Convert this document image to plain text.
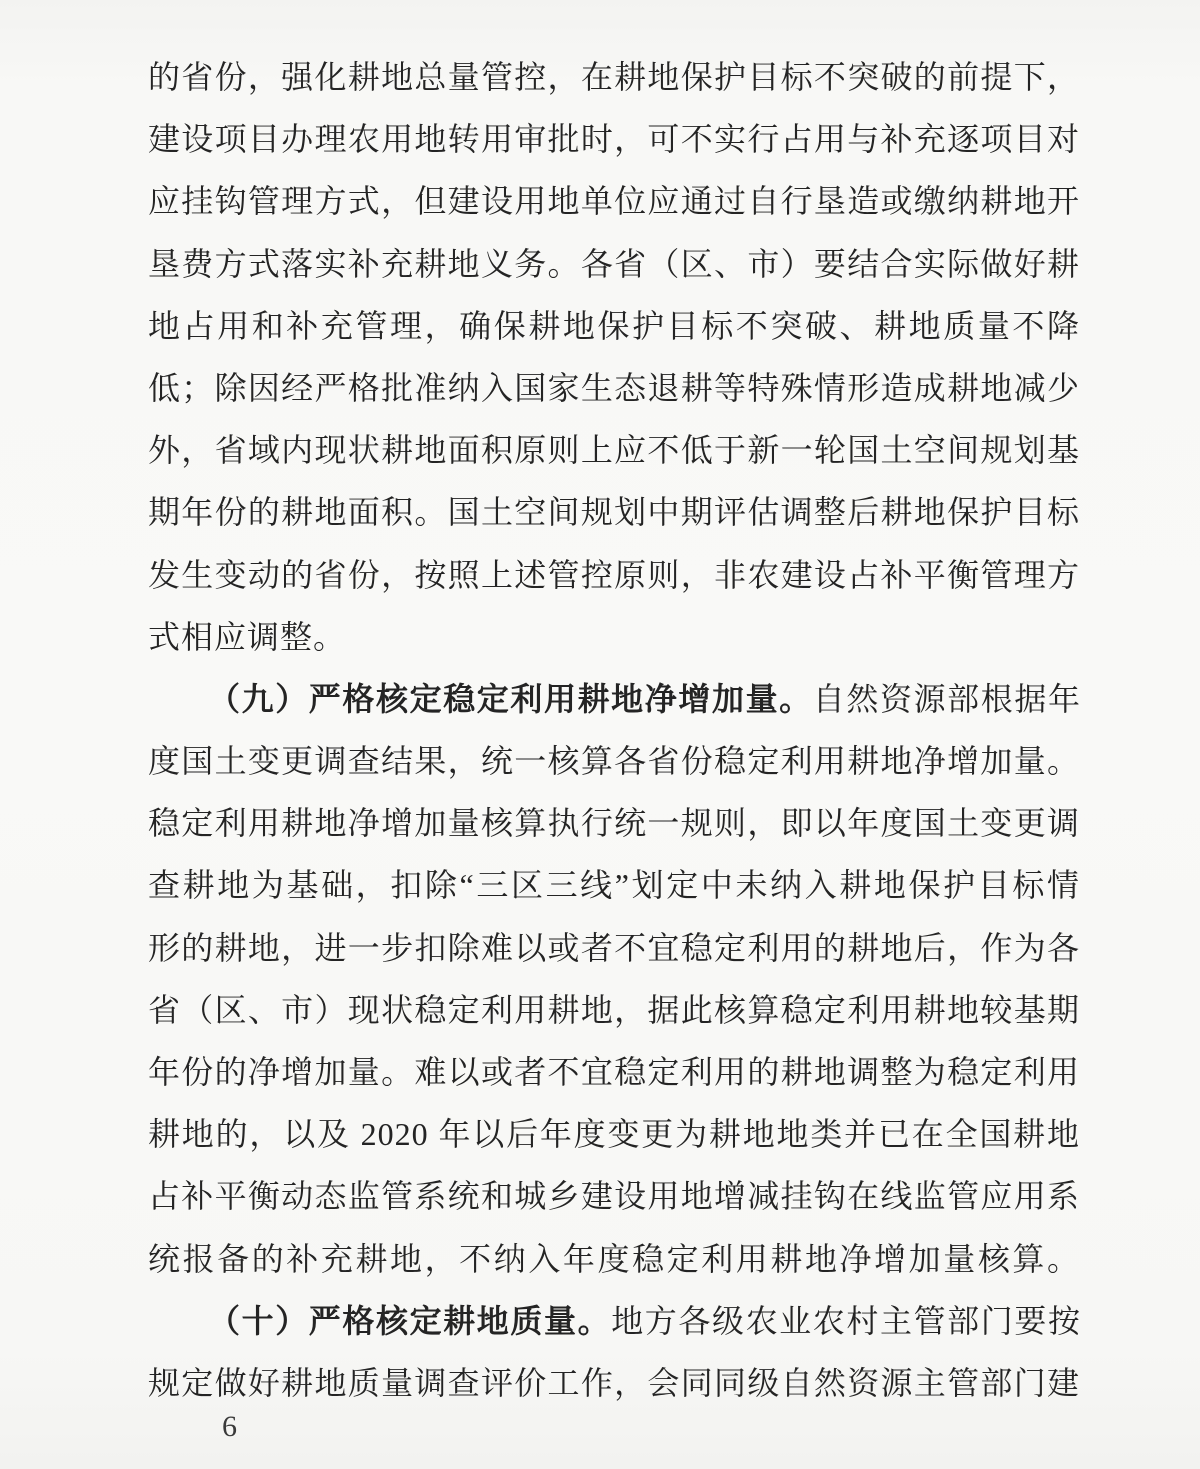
的省份，强化耕地总量管控，在耕地保护目标不突破的前提下，
建设项目办理农用地转用审批时，可不实行占用与补充逐项目对
应挂钩管理方式，但建设用地单位应通过自行垦造或缴纳耕地开
垦费方式落实补充耕地义务。各省（区、市）要结合实际做好耕
地占用和补充管理，确保耕地保护目标不突破、耕地质量不降
低；除因经严格批准纳入国家生态退耕等特殊情形造成耕地减少
外，省域内现状耕地面积原则上应不低于新一轮国土空间规划基
期年份的耕地面积。国土空间规划中期评估调整后耕地保护目标
发生变动的省份，按照上述管控原则，非农建设占补平衡管理方
式相应调整。
（九）严格核定稳定利用耕地净增加量。自然资源部根据年
度国土变更调查结果，统一核算各省份稳定利用耕地净增加量。
稳定利用耕地净增加量核算执行统一规则，即以年度国土变更调
查耕地为基础，扣除“三区三线”划定中未纳入耕地保护目标情
形的耕地，进一步扣除难以或者不宜稳定利用的耕地后，作为各
省（区、市）现状稳定利用耕地，据此核算稳定利用耕地较基期
年份的净增加量。难以或者不宜稳定利用的耕地调整为稳定利用
耕地的，以及 2020 年以后年度变更为耕地地类并已在全国耕地
占补平衡动态监管系统和城乡建设用地增减挂钩在线监管应用系
统报备的补充耕地，不纳入年度稳定利用耕地净增加量核算。
（十）严格核定耕地质量。地方各级农业农村主管部门要按
规定做好耕地质量调查评价工作，会同同级自然资源主管部门建
6
